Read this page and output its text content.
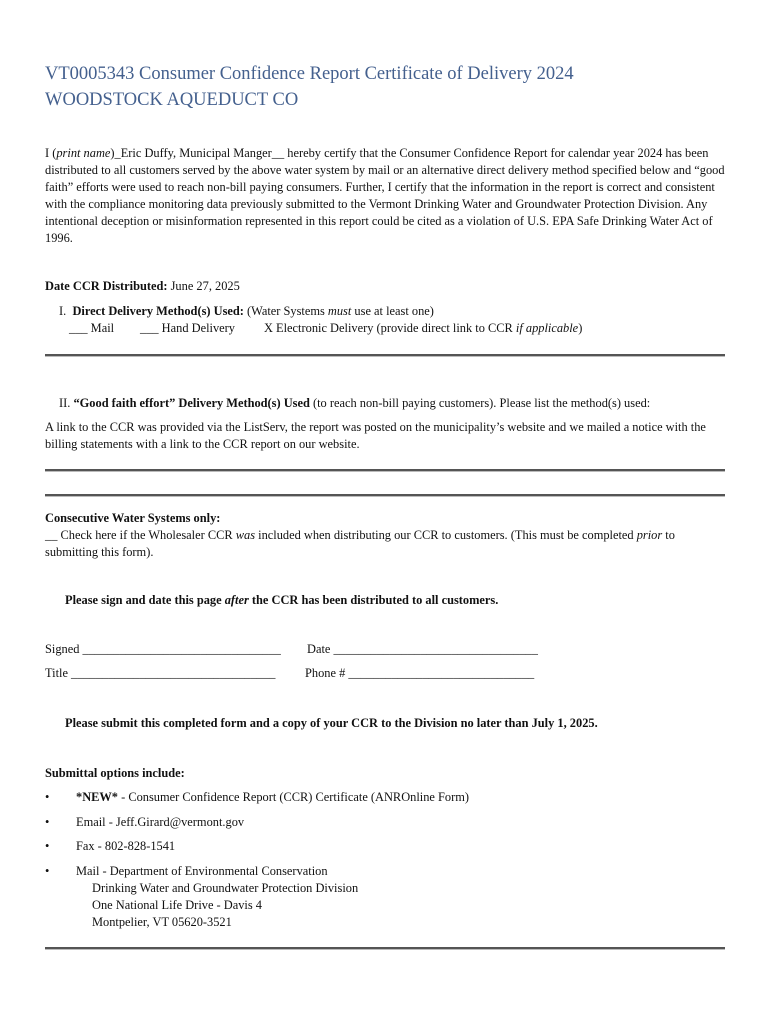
VT0005343 Consumer Confidence Report Certificate of Delivery 2024
WOODSTOCK AQUEDUCT CO
I (print name)_Eric Duffy, Municipal Manger__ hereby certify that the Consumer Confidence Report for calendar year 2024 has been distributed to all customers served by the above water system by mail or an alternative direct delivery method specified below and “good faith” efforts were used to reach non-bill paying consumers. Further, I certify that the information in the report is correct and consistent with the compliance monitoring data previously submitted to the Vermont Drinking Water and Groundwater Protection Division. Any intentional deception or misinformation represented in this report could be cited as a violation of U.S. EPA Safe Drinking Water Act of 1996.
Date CCR Distributed: June 27, 2025
I. Direct Delivery Method(s) Used: (Water Systems must use at least one)
___ Mail ___ Hand Delivery X Electronic Delivery (provide direct link to CCR if applicable)
II. “Good faith effort” Delivery Method(s) Used (to reach non-bill paying customers). Please list the method(s) used:
A link to the CCR was provided via the ListServ, the report was posted on the municipality’s website and we mailed a notice with the billing statements with a link to the CCR report on our website.
Consecutive Water Systems only:
__ Check here if the Wholesaler CCR was included when distributing our CCR to customers. (This must be completed prior to submitting this form).
Please sign and date this page after the CCR has been distributed to all customers.
Signed ________________________________ Date _________________________________
Title _________________________________ Phone # ______________________________
Please submit this completed form and a copy of your CCR to the Division no later than July 1, 2025.
Submittal options include:
• *NEW* - Consumer Confidence Report (CCR) Certificate (ANROnline Form)
• Email - Jeff.Girard@vermont.gov
• Fax - 802-828-1541
• Mail - Department of Environmental Conservation
Drinking Water and Groundwater Protection Division
One National Life Drive - Davis 4
Montpelier, VT 05620-3521
